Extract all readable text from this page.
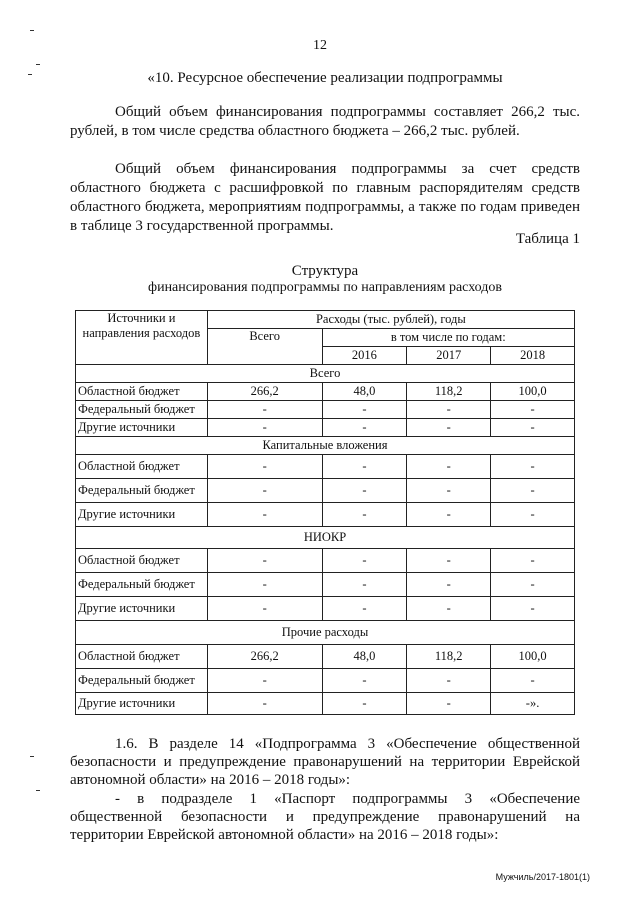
12
«10. Ресурсное обеспечение реализации подпрограммы

Общий объем финансирования подпрограммы составляет 266,2 тыс. рублей, в том числе средства областного бюджета – 266,2 тыс. рублей.

Общий объем финансирования подпрограммы за счет средств областного бюджета с расшифровкой по главным распорядителям средств областного бюджета, мероприятиям подпрограммы, а также по годам приведен в таблице 3 государственной программы.

Таблица 1
Структура
финансирования подпрограммы по направлениям расходов
Источники и направления расходов	Расходы (тыс. рублей), годы			
	Всего	в том числе по годам:		
		2016	2017	2018
Всего				
Областной бюджет	266,2	48,0	118,2	100,0
Федеральный бюджет	-	-	-	-
Другие источники	-	-	-	-
Капитальные вложения				
Областной бюджет	-	-	-	-
Федеральный бюджет	-	-	-	-
Другие источники	-	-	-	-
НИОКР				
Областной бюджет	-	-	-	-
Федеральный бюджет	-	-	-	-
Другие источники	-	-	-	-
Прочие расходы				
Областной бюджет	266,2	48,0	118,2	100,0
Федеральный бюджет	-	-	-	-
Другие источники	-	-	-	-».

1.6. В разделе 14 «Подпрограмма 3 «Обеспечение общественной безопасности и предупреждение правонарушений на территории Еврейской автономной области» на 2016 – 2018 годы»:

- в подразделе 1 «Паспорт подпрограммы 3 «Обеспечение общественной безопасности и предупреждение правонарушений на территории Еврейской автономной области» на 2016 – 2018 годы»:

Мужчиль/2017-1801(1)
